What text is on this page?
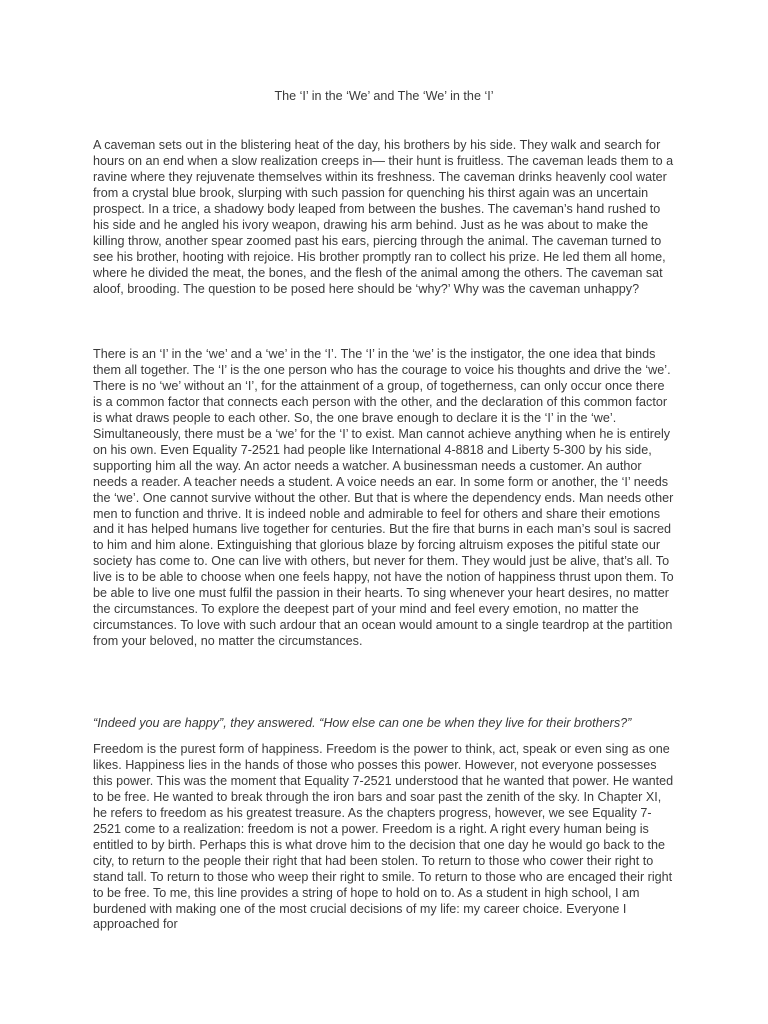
The ‘I’ in the ‘We’ and The ‘We’ in the ‘I’

A caveman sets out in the blistering heat of the day, his brothers by his side. They walk and search for hours on an end when a slow realization creeps in— their hunt is fruitless. The caveman leads them to a ravine where they rejuvenate themselves within its freshness. The caveman drinks heavenly cool water from a crystal blue brook, slurping with such passion for quenching his thirst again was an uncertain prospect. In a trice, a shadowy body leaped from between the bushes. The caveman’s hand rushed to his side and he angled his ivory weapon, drawing his arm behind. Just as he was about to make the killing throw, another spear zoomed past his ears, piercing through the animal. The caveman turned to see his brother, hooting with rejoice. His brother promptly ran to collect his prize. He led them all home, where he divided the meat, the bones, and the flesh of the animal among the others. The caveman sat aloof, brooding. The question to be posed here should be ‘why?’ Why was the caveman unhappy?

There is an ‘I’ in the ‘we’ and a ‘we’ in the ‘I’. The ‘I’ in the ‘we’ is the instigator, the one idea that binds them all together. The ‘I’ is the one person who has the courage to voice his thoughts and drive the ‘we’. There is no ‘we’ without an ‘I’, for the attainment of a group, of togetherness, can only occur once there is a common factor that connects each person with the other, and the declaration of this common factor is what draws people to each other. So, the one brave enough to declare it is the ‘I’ in the ‘we’. Simultaneously, there must be a ‘we’ for the ‘I’ to exist. Man cannot achieve anything when he is entirely on his own. Even Equality 7-2521 had people like International 4-8818 and Liberty 5-300 by his side, supporting him all the way. An actor needs a watcher. A businessman needs a customer. An author needs a reader. A teacher needs a student. A voice needs an ear. In some form or another, the ‘I’ needs the ‘we’. One cannot survive without the other. But that is where the dependency ends. Man needs other men to function and thrive. It is indeed noble and admirable to feel for others and share their emotions and it has helped humans live together for centuries. But the fire that burns in each man’s soul is sacred to him and him alone. Extinguishing that glorious blaze by forcing altruism exposes the pitiful state our society has come to. One can live with others, but never for them. They would just be alive, that’s all. To live is to be able to choose when one feels happy, not have the notion of happiness thrust upon them. To be able to live one must fulfil the passion in their hearts. To sing whenever your heart desires, no matter the circumstances. To explore the deepest part of your mind and feel every emotion, no matter the circumstances. To love with such ardour that an ocean would amount to a single teardrop at the partition from your beloved, no matter the circumstances.

“Indeed you are happy”, they answered. “How else can one be when they live for their brothers?”

Freedom is the purest form of happiness. Freedom is the power to think, act, speak or even sing as one likes. Happiness lies in the hands of those who posses this power. However, not everyone possesses this power. This was the moment that Equality 7-2521 understood that he wanted that power. He wanted to be free. He wanted to break through the iron bars and soar past the zenith of the sky. In Chapter XI, he refers to freedom as his greatest treasure. As the chapters progress, however, we see Equality 7-2521 come to a realization: freedom is not a power. Freedom is a right. A right every human being is entitled to by birth. Perhaps this is what drove him to the decision that one day he would go back to the city, to return to the people their right that had been stolen. To return to those who cower their right to stand tall. To return to those who weep their right to smile. To return to those who are encaged their right to be free. To me, this line provides a string of hope to hold on to. As a student in high school, I am burdened with making one of the most crucial decisions of my life: my career choice. Everyone I approached for
